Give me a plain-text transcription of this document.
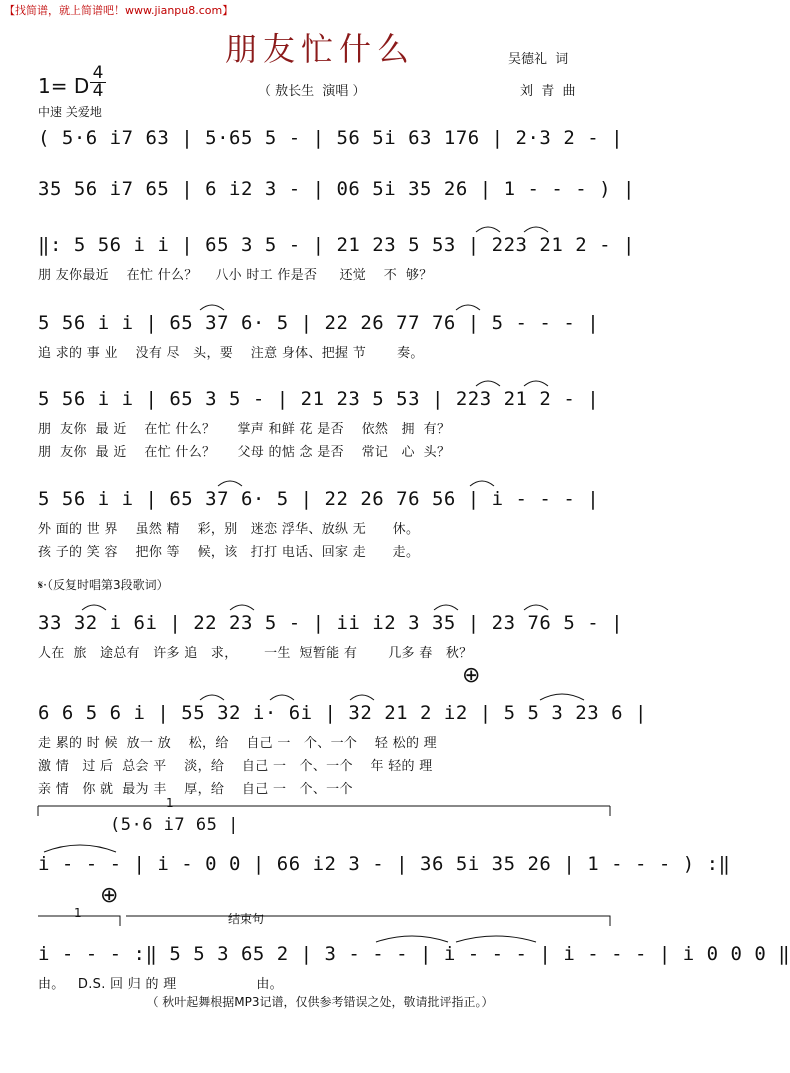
【找简谱，就上简谱吧！www.jianpu8.com】
朋友忙什么	吴德礼  词
刘  青  曲
1= D
4
4	（ 敖长生  演唱 ）
中速 关爱地
( 5·6 i7 63 | 5·65 5 - | 56 5i 63 176 | 2·3 2 - |
35 56 i7 65 | 6 i2 3 - | 06 5i 35 26 | 1 - - - ) |
‖: 5 56 i i | 65 3 5 - | 21 23 5 53 | 223 21 2 - |
朋 友你最近    在忙 什么？    八小 时工 作是否     还觉    不  够？
5 56 i i | 65 37 6· 5 | 22 26 77 76 | 5 - - - |
追 求的 事 业    没有 尽   头，要    注意 身体、把握 节       奏。
5 56 i i | 65 3 5 - | 21 23 5 53 | 223 21 2 - |
朋  友你  最 近    在忙 什么？     掌声 和鲜 花 是否    依然   拥  有？
朋  友你  最 近    在忙 什么？     父母 的惦 念 是否    常记   心  头？
5 56 i i | 65 37 6· 5 | 22 26 76 56 | i - - - |
外 面的 世 界    虽然 精    彩，别   迷恋 浮华、放纵 无      休。
孩 子的 笑 容    把你 等    候，该   打打 电话、回家 走      走。
𝄋·（反复时唱第3段歌词）
33 32 i 6i | 22 23 5 - | ii i2 3 35 | 23 76 5 - |
人在  旅   途总有   许多 追   求，      一生  短暂能 有       几多 春   秋？
⊕
6 6 5 6 i | 55 32 i· 6i | 32 21 2 i2 | 5 5 3 23 6 |
走 累的 时 候  放一 放    松，给    自己 一   个、一个    轻 松的 理
激 情   过 后  总会 平    淡，给    自己 一   个、一个    年 轻的 理
亲 情   你 就  最为 丰    厚，给    自己 一   个、一个
1
(5·6 i7 65 |
i - - - | i - 0 0 | 66 i2 3 - | 36 5i 35 26 | 1 - - - ) :‖
⊕
1	结束句
i - - - :‖ 5 5 3 65 2 | 3 - - - | i - - - | i - - - | i 0 0 0 ‖
由。   D.S. 回 归 的 理                  由。
（ 秋叶起舞根据MP3记谱，仅供参考错误之处，敬请批评指正。）
